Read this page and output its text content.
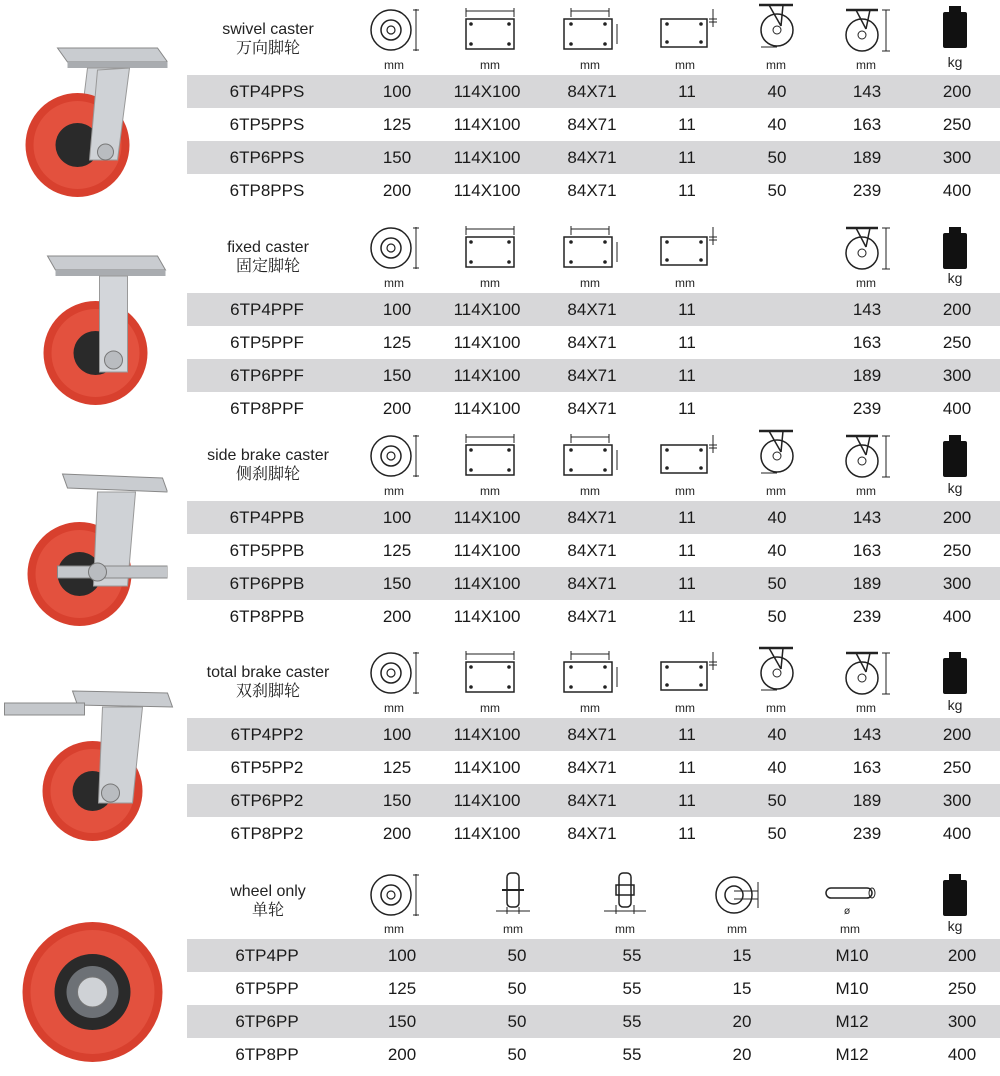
swivel caster
万向脚轮
mm	mm	mm	mm	mm	mm	kg
6TP4PPS	100	114X100	84X71	11	40	143	200
6TP5PPS	125	114X100	84X71	11	40	163	250
6TP6PPS	150	114X100	84X71	11	50	189	300
6TP8PPS	200	114X100	84X71	11	50	239	400
fixed caster
固定脚轮
mm	mm	mm	mm	mm	kg
6TP4PPF	100	114X100	84X71	11	143	200
6TP5PPF	125	114X100	84X71	11	163	250
6TP6PPF	150	114X100	84X71	11	189	300
6TP8PPF	200	114X100	84X71	11	239	400
side brake caster
侧刹脚轮
mm	mm	mm	mm	mm	mm	kg
6TP4PPB	100	114X100	84X71	11	40	143	200
6TP5PPB	125	114X100	84X71	11	40	163	250
6TP6PPB	150	114X100	84X71	11	50	189	300
6TP8PPB	200	114X100	84X71	11	50	239	400
total brake caster
双刹脚轮
mm	mm	mm	mm	mm	mm	kg
6TP4PP2	100	114X100	84X71	11	40	143	200
6TP5PP2	125	114X100	84X71	11	40	163	250
6TP6PP2	150	114X100	84X71	11	50	189	300
6TP8PP2	200	114X100	84X71	11	50	239	400
wheel only
单轮
mm	mm	mm	mm	mm	kg
6TP4PP	100	50	55	15	M10	200
6TP5PP	125	50	55	15	M10	250
6TP6PP	150	50	55	20	M12	300
6TP8PP	200	50	55	20	M12	400
